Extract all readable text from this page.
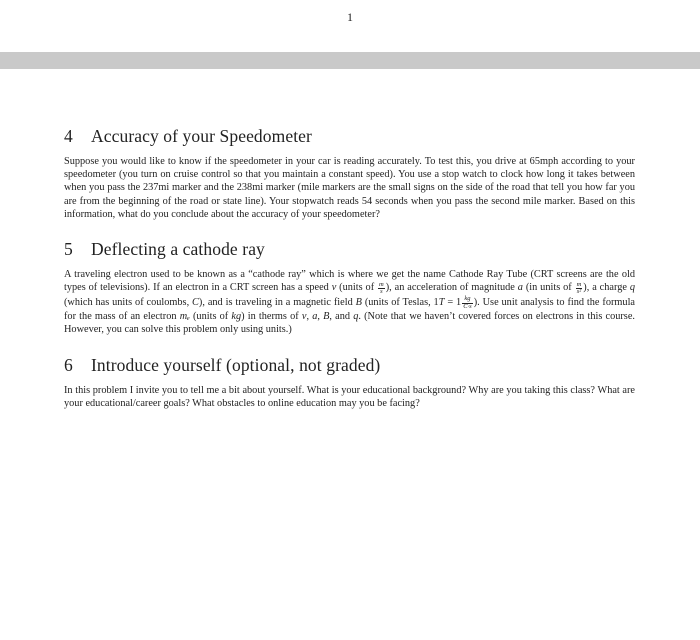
1
4 Accuracy of your Speedometer

Suppose you would like to know if the speedometer in your car is reading accurately. To test this, you drive at 65mph according to your speedometer (you turn on cruise control so that you maintain a constant speed). You use a stop watch to clock how long it takes between when you pass the 237mi marker and the 238mi marker (mile markers are the small signs on the side of the road that tell you how far you are from the beginning of the road or state line). Your stopwatch reads 54 seconds when you pass the second mile marker. Based on this information, what do you conclude about the accuracy of your speedometer?

5 Deflecting a cathode ray

A traveling electron used to be known as a “cathode ray” which is where we get the name Cathode Ray Tube (CRT screens are the old types of televisions). If an electron in a CRT screen has a speed v (units of $\frac{m}{s}$ ), an acceleration of magnitude a (in units of $\frac{m}{\text{s²}}$ ), a charge q (which has units of coulombs, C), and is traveling in a magnetic field B (units of Teslas, $1T = 1 \frac{kg}{C\cdot s}$ ). Use unit analysis to find the formula for the mass of an electron mₑ (units of kg) in therms of v, a, B, and q. (Note that we haven’t covered forces on electrons in this course. However, you can solve this problem only using units.)

6 Introduce yourself (optional, not graded)

In this problem I invite you to tell me a bit about yourself. What is your educational background? Why are you taking this class? What are your educational/career goals? What obstacles to online education may you be facing?
